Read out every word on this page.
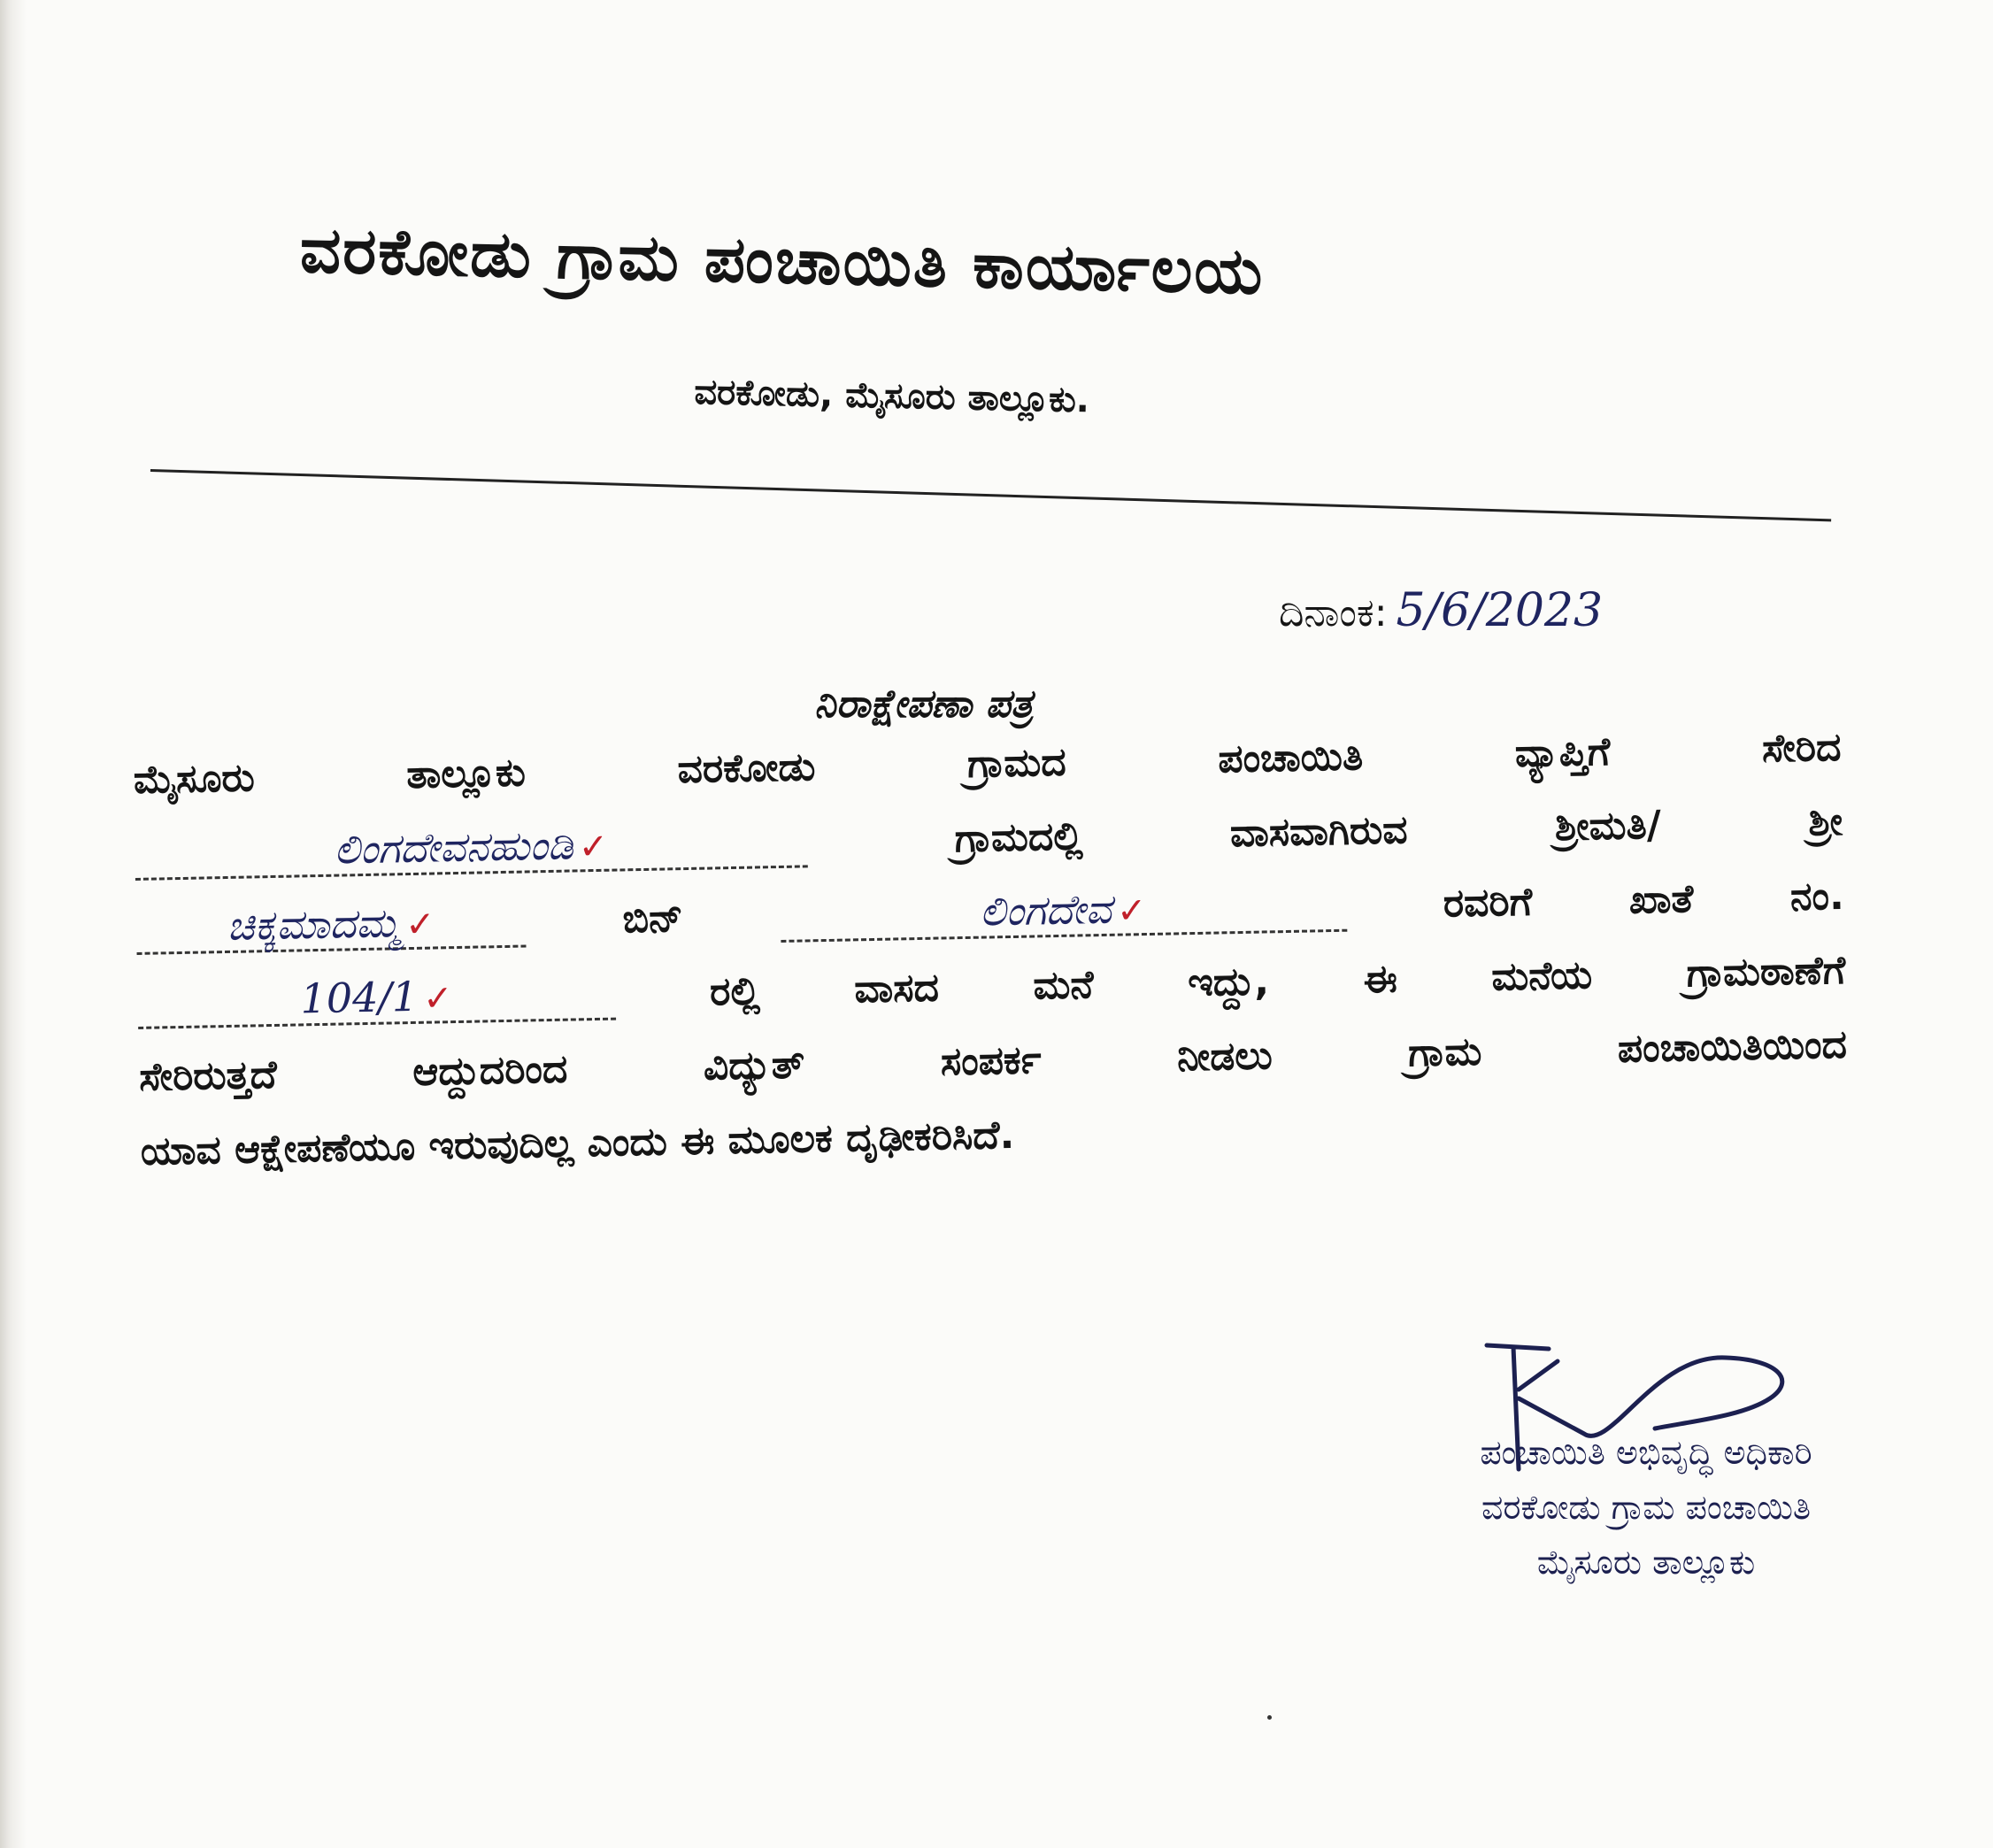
ವರಕೋಡು ಗ್ರಾಮ ಪಂಚಾಯಿತಿ ಕಾರ್ಯಾಲಯ
ವರಕೋಡು, ಮೈಸೂರು ತಾಲ್ಲೂಕು.
ದಿನಾಂಕ: 5/6/2023
ನಿರಾಕ್ಷೇಪಣಾ ಪತ್ರ
ಮೈಸೂರು	ತಾಲ್ಲೂಕು	ವರಕೋಡು	ಗ್ರಾಮದ	ಪಂಚಾಯಿತಿ	ವ್ಯಾಪ್ತಿಗೆ	ಸೇರಿದ
ಲಿಂಗದೇವನಹುಂಡಿ ✓	ಗ್ರಾಮದಲ್ಲಿ	ವಾಸವಾಗಿರುವ	ಶ್ರೀಮತಿ/	ಶ್ರೀ
ಚಿಕ್ಕಮಾದಮ್ಮ ✓	ಬಿನ್	ಲಿಂಗದೇವ ✓	ರವರಿಗೆ ಖಾತೆ ನಂ.
104/1 ✓	ರಲ್ಲಿ ವಾಸದ ಮನೆ ಇದ್ದು, ಈ ಮನೆಯ ಗ್ರಾಮಠಾಣೆಗೆ
ಸೇರಿರುತ್ತದೆ	ಆದ್ದುದರಿಂದ	ವಿದ್ಯುತ್	ಸಂಪರ್ಕ	ನೀಡಲು	ಗ್ರಾಮ	ಪಂಚಾಯಿತಿಯಿಂದ
ಯಾವ ಆಕ್ಷೇಪಣೆಯೂ ಇರುವುದಿಲ್ಲ ಎಂದು ಈ ಮೂಲಕ ದೃಢೀಕರಿಸಿದೆ.
ಪಂಚಾಯಿತಿ ಅಭಿವೃದ್ಧಿ ಅಧಿಕಾರಿ
ವರಕೋಡು ಗ್ರಾಮ ಪಂಚಾಯಿತಿ
ಮೈಸೂರು ತಾಲ್ಲೂಕು
